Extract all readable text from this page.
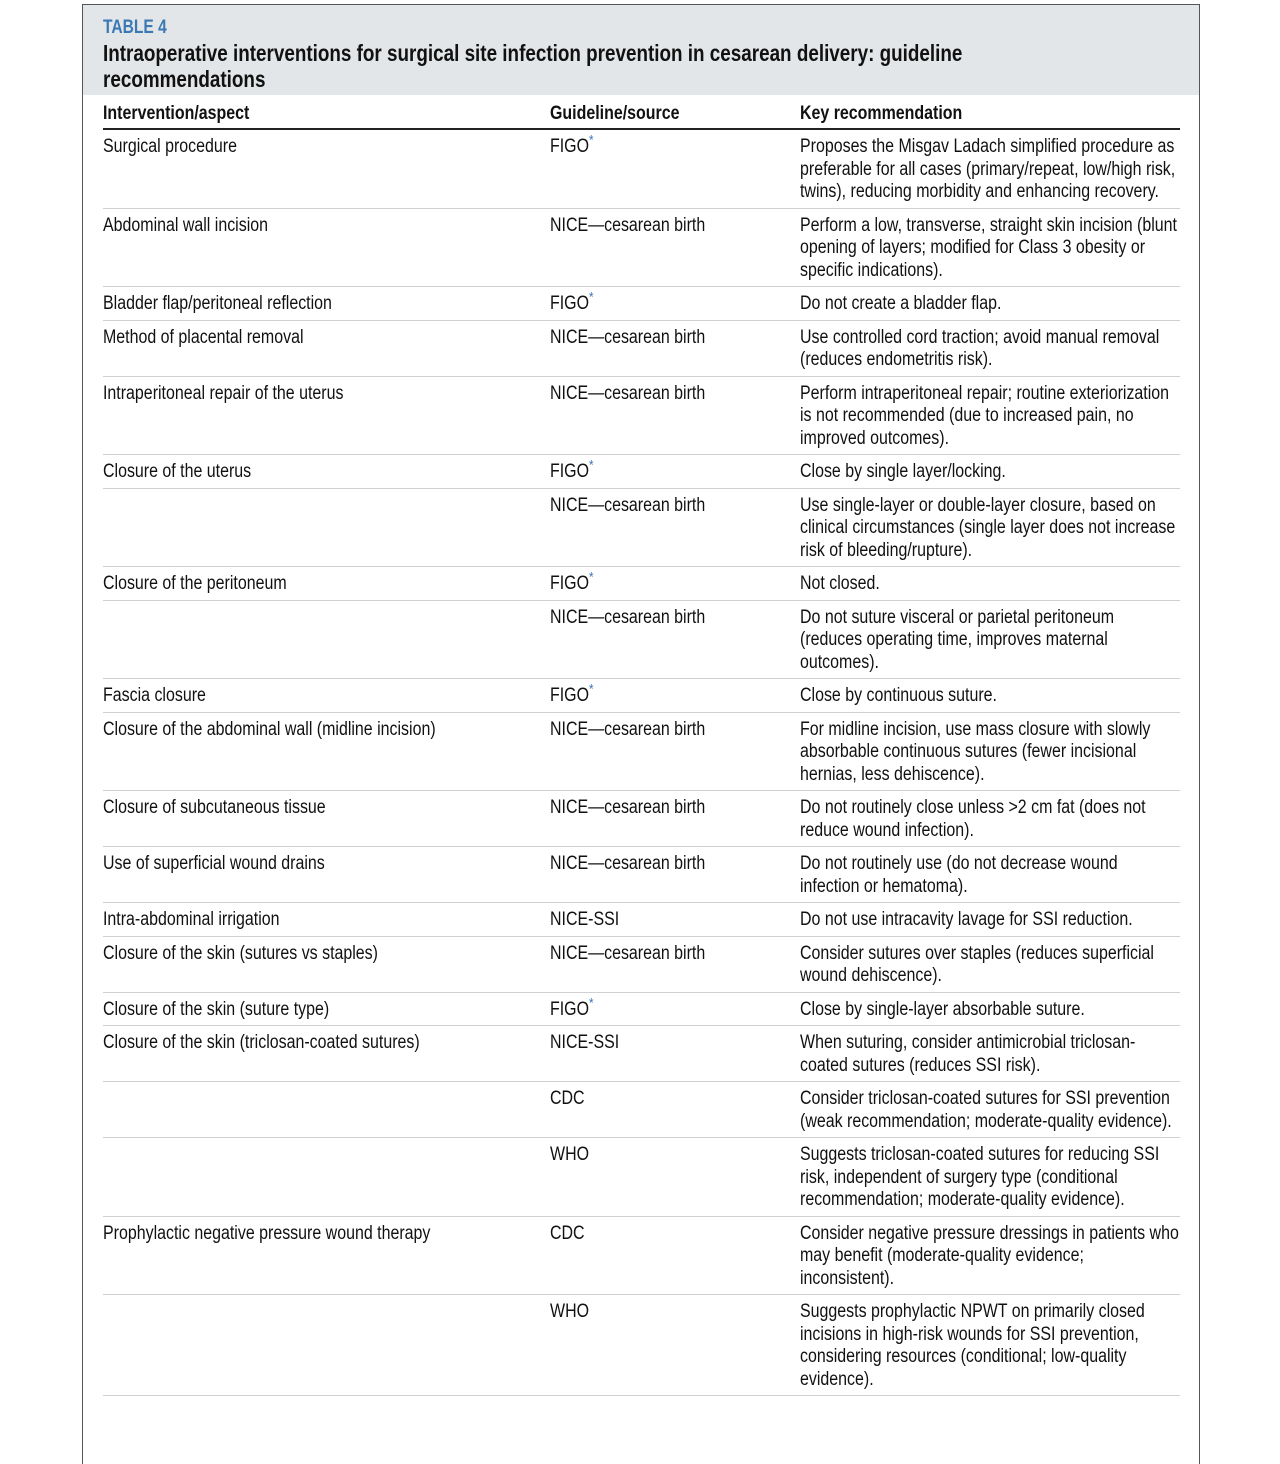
TABLE 4
Intraoperative interventions for surgical site infection prevention in cesarean delivery: guideline recommendations
Intervention/aspect	Guideline/source	Key recommendation
Surgical procedure	FIGO*	Proposes the Misgav Ladach simplified procedure as preferable for all cases (primary/repeat, low/high risk, twins), reducing morbidity and enhancing recovery.

Abdominal wall incision	NICE—cesarean birth	Perform a low, transverse, straight skin incision (blunt opening of layers; modified for Class 3 obesity or specific indications).

Bladder flap/peritoneal reflection	FIGO*	Do not create a bladder flap.

Method of placental removal	NICE—cesarean birth	Use controlled cord traction; avoid manual removal (reduces endometritis risk).

Intraperitoneal repair of the uterus	NICE—cesarean birth	Perform intraperitoneal repair; routine exteriorization is not recommended (due to increased pain, no improved outcomes).

Closure of the uterus	FIGO*	Close by single layer/locking.

	NICE—cesarean birth	Use single-layer or double-layer closure, based on clinical circumstances (single layer does not increase risk of bleeding/rupture).

Closure of the peritoneum	FIGO*	Not closed.

	NICE—cesarean birth	Do not suture visceral or parietal peritoneum (reduces operating time, improves maternal outcomes).

Fascia closure	FIGO*	Close by continuous suture.

Closure of the abdominal wall (midline incision)	NICE—cesarean birth	For midline incision, use mass closure with slowly absorbable continuous sutures (fewer incisional hernias, less dehiscence).

Closure of subcutaneous tissue	NICE—cesarean birth	Do not routinely close unless >2 cm fat (does not reduce wound infection).

Use of superficial wound drains	NICE—cesarean birth	Do not routinely use (do not decrease wound infection or hematoma).

Intra-abdominal irrigation	NICE-SSI	Do not use intracavity lavage for SSI reduction.

Closure of the skin (sutures vs staples)	NICE—cesarean birth	Consider sutures over staples (reduces superficial wound dehiscence).

Closure of the skin (suture type)	FIGO*	Close by single-layer absorbable suture.

Closure of the skin (triclosan-coated sutures)	NICE-SSI	When suturing, consider antimicrobial triclosan-coated sutures (reduces SSI risk).

	CDC	Consider triclosan-coated sutures for SSI prevention (weak recommendation; moderate-quality evidence).

	WHO	Suggests triclosan-coated sutures for reducing SSI risk, independent of surgery type (conditional recommendation; moderate-quality evidence).

Prophylactic negative pressure wound therapy	CDC	Consider negative pressure dressings in patients who may benefit (moderate-quality evidence; inconsistent).

	WHO	Suggests prophylactic NPWT on primarily closed incisions in high-risk wounds for SSI prevention, considering resources (conditional; low-quality evidence).
